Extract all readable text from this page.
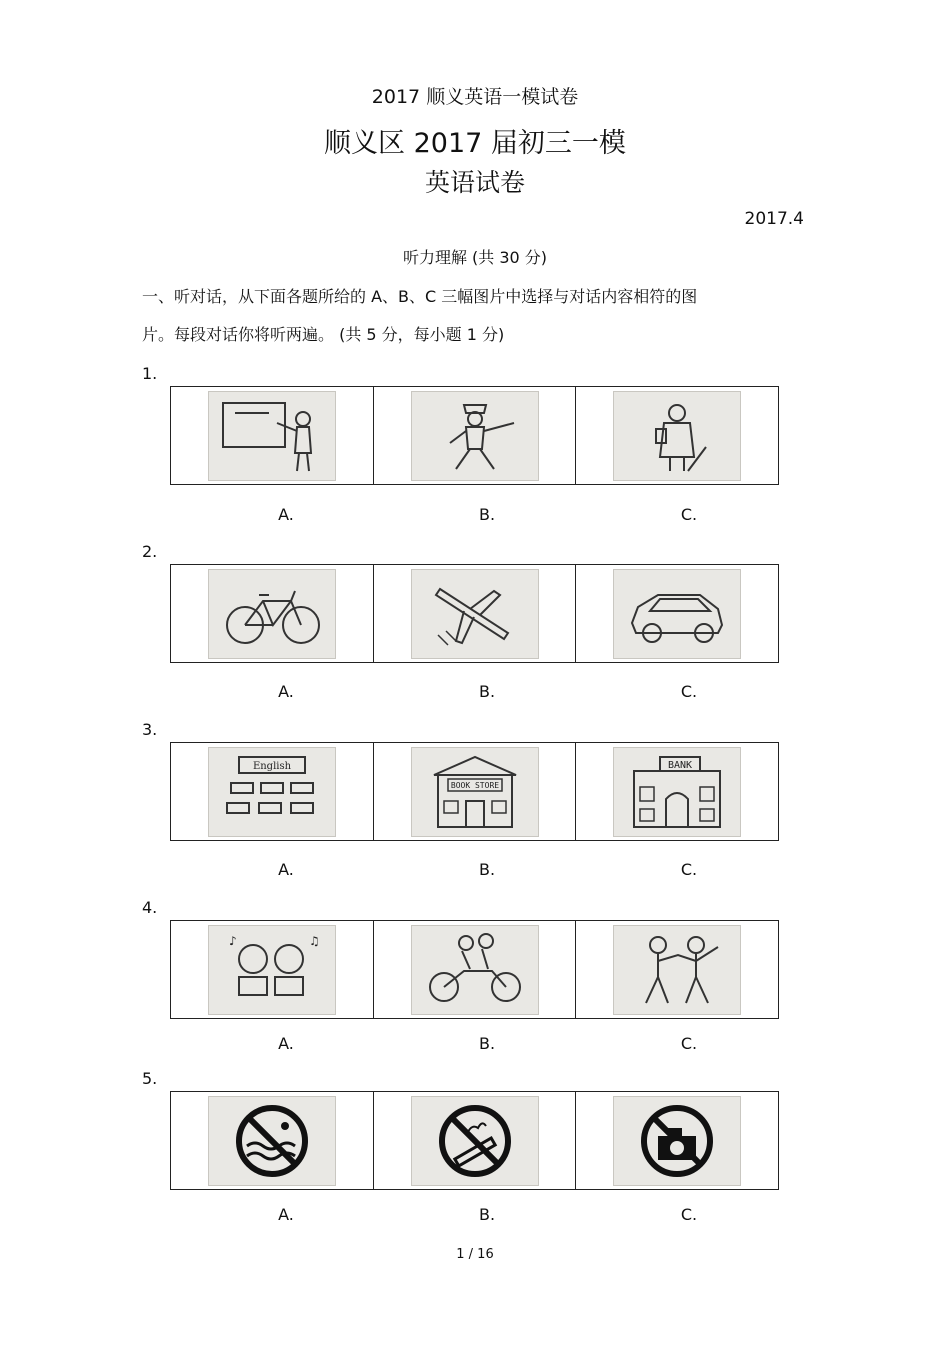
2017 顺义英语一模试卷
顺义区 2017 届初三一模
英语试卷
2017.4
听力理解 (共 30 分)
一、听对话，从下面各题所给的 A、B、C 三幅图片中选择与对话内容相符的图
片。每段对话你将听两遍。 (共 5 分，每小题 1 分)
1.
A.	B.	C.
2.
A.	B.	C.
3.
English
BOOK STORE
BANK
A.	B.	C.
4.
♪	♫
A.	B.	C.
5.
A.	B.	C.
1 / 16
